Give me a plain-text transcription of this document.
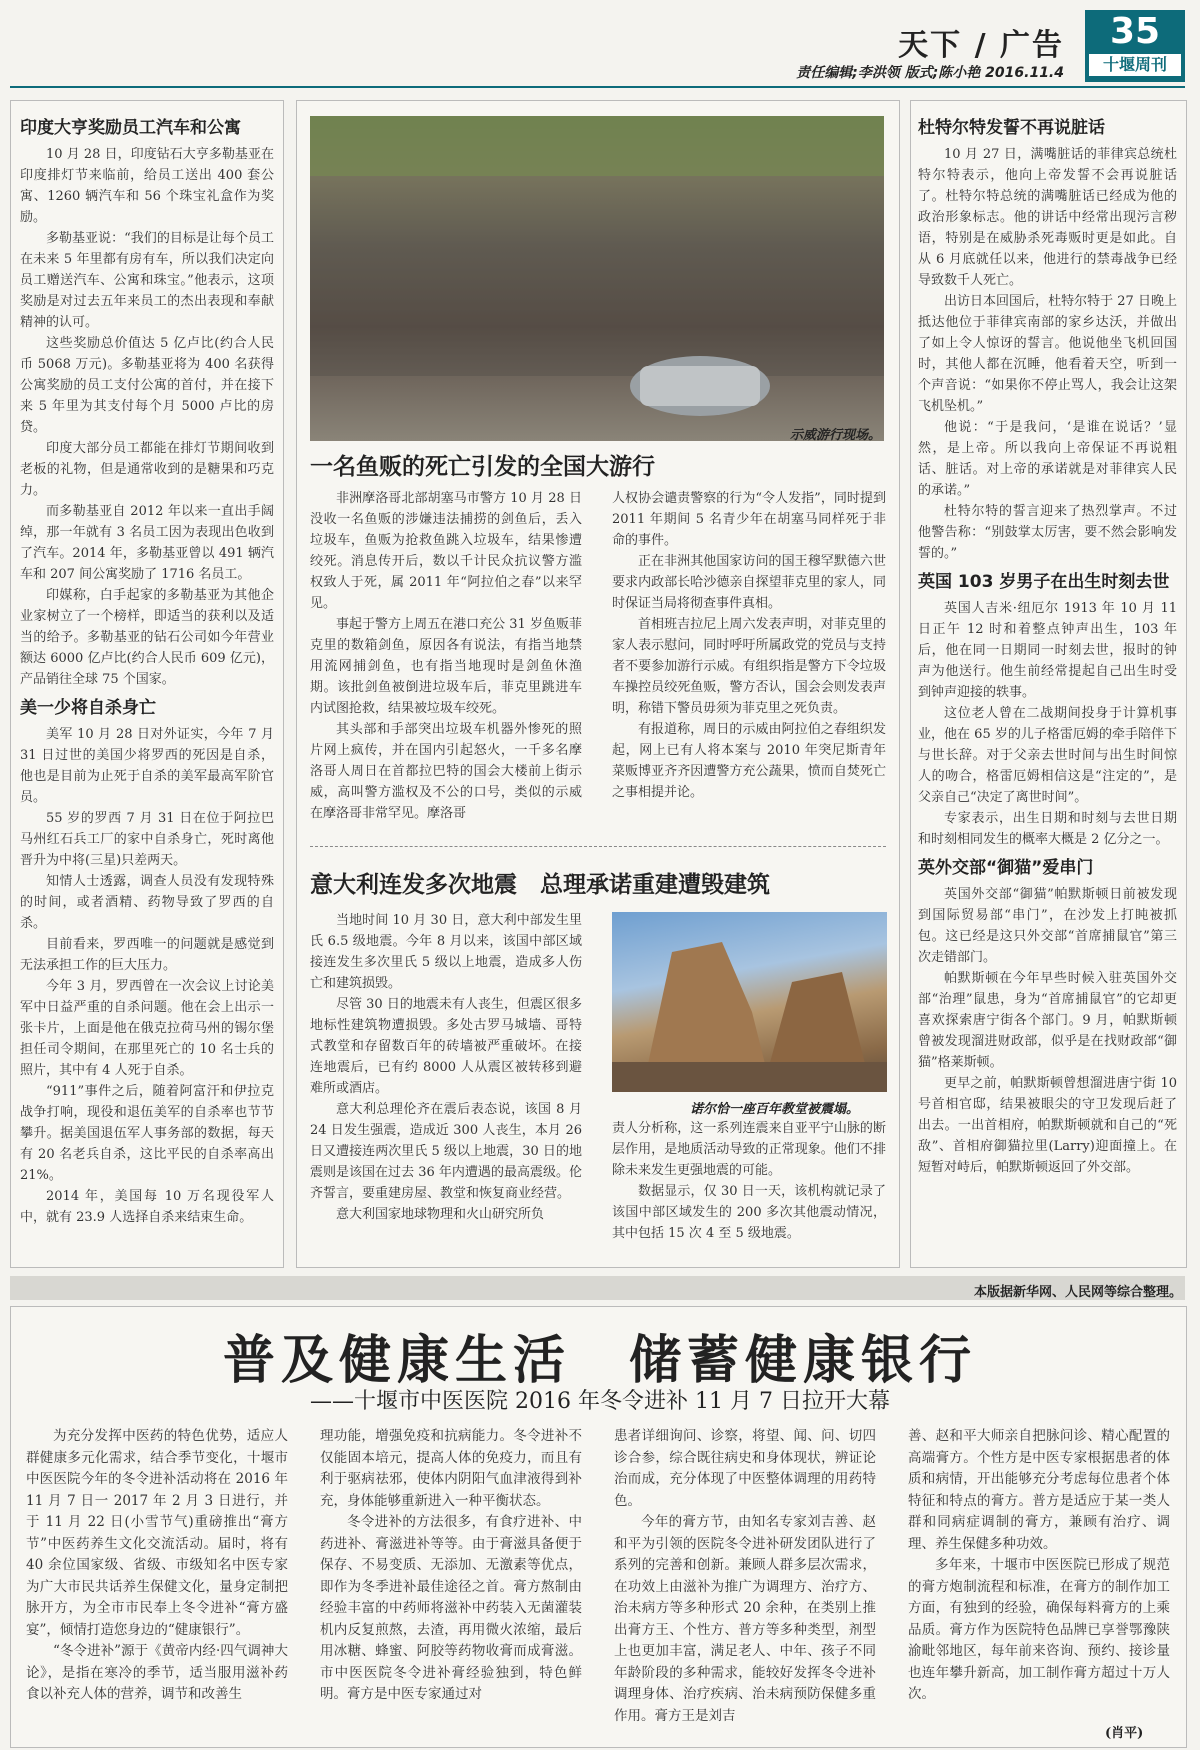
天下 / 广告
责任编辑;李洪领 版式;陈小艳 2016.11.4
35
十堰周刊
印度大亨奖励员工汽车和公寓

10 月 28 日，印度钻石大亨多勒基亚在印度排灯节来临前，给员工送出 400 套公寓、1260 辆汽车和 56 个珠宝礼盒作为奖励。

多勒基亚说：“我们的目标是让每个员工在未来 5 年里都有房有车，所以我们决定向员工赠送汽车、公寓和珠宝。”他表示，这项奖励是对过去五年来员工的杰出表现和奉献精神的认可。

这些奖励总价值达 5 亿卢比(约合人民币 5068 万元)。多勒基亚将为 400 名获得公寓奖励的员工支付公寓的首付，并在接下来 5 年里为其支付每个月 5000 卢比的房贷。

印度大部分员工都能在排灯节期间收到老板的礼物，但是通常收到的是糖果和巧克力。

而多勒基亚自 2012 年以来一直出手阔绰，那一年就有 3 名员工因为表现出色收到了汽车。2014 年，多勒基亚曾以 491 辆汽车和 207 间公寓奖励了 1716 名员工。

印媒称，白手起家的多勒基亚为其他企业家树立了一个榜样，即适当的获利以及适当的给予。多勒基亚的钻石公司如今年营业额达 6000 亿卢比(约合人民币 609 亿元)，产品销往全球 75 个国家。

美一少将自杀身亡

美军 10 月 28 日对外证实，今年 7 月 31 日过世的美国少将罗西的死因是自杀，他也是目前为止死于自杀的美军最高军阶官员。

55 岁的罗西 7 月 31 日在位于阿拉巴马州红石兵工厂的家中自杀身亡，死时离他晋升为中将(三星)只差两天。

知情人士透露，调查人员没有发现特殊的时间，或者酒精、药物导致了罗西的自杀。

目前看来，罗西唯一的问题就是感觉到无法承担工作的巨大压力。

今年 3 月，罗西曾在一次会议上讨论美军中日益严重的自杀问题。他在会上出示一张卡片，上面是他在俄克拉荷马州的锡尔堡担任司令期间，在那里死亡的 10 名士兵的照片，其中有 4 人死于自杀。

“911”事件之后，随着阿富汗和伊拉克战争打响，现役和退伍美军的自杀率也节节攀升。据美国退伍军人事务部的数据，每天有 20 名老兵自杀，这比平民的自杀率高出 21%。

2014 年，美国每 10 万名现役军人中，就有 23.9 人选择自杀来结束生命。

示威游行现场。
一名鱼贩的死亡引发的全国大游行

非洲摩洛哥北部胡塞马市警方 10 月 28 日没收一名鱼贩的涉嫌违法捕捞的剑鱼后，丢入垃圾车，鱼贩为抢救鱼跳入垃圾车，结果惨遭绞死。消息传开后，数以千计民众抗议警方滥权致人于死，属 2011 年“阿拉伯之春”以来罕见。

事起于警方上周五在港口充公 31 岁鱼贩菲克里的数箱剑鱼，原因各有说法，有指当地禁用流网捕剑鱼，也有指当地现时是剑鱼休渔期。该批剑鱼被倒进垃圾车后，菲克里跳进车内试图抢救，结果被垃圾车绞死。

其头部和手部突出垃圾车机器外惨死的照片网上疯传，并在国内引起怒火，一千多名摩洛哥人周日在首都拉巴特的国会大楼前上街示威，高叫警方滥权及不公的口号，类似的示威在摩洛哥非常罕见。摩洛哥

人权协会谴责警察的行为“令人发指”，同时提到 2011 年期间 5 名青少年在胡塞马同样死于非命的事件。

正在非洲其他国家访问的国王穆罕默德六世要求内政部长哈沙德亲自探望菲克里的家人，同时保证当局将彻查事件真相。

首相班吉拉尼上周六发表声明，对菲克里的家人表示慰问，同时呼吁所属政党的党员与支持者不要参加游行示威。有组织指是警方下令垃圾车操控员绞死鱼贩，警方否认，国会会则发表声明，称错下警员毋须为菲克里之死负责。

有报道称，周日的示威由阿拉伯之春组织发起，网上已有人将本案与 2010 年突尼斯青年菜贩博亚齐齐因遭警方充公蔬果，愤而自焚死亡之事相提并论。

意大利连发多次地震　总理承诺重建遭毁建筑

当地时间 10 月 30 日，意大利中部发生里氏 6.5 级地震。今年 8 月以来，该国中部区域接连发生多次里氏 5 级以上地震，造成多人伤亡和建筑损毁。

尽管 30 日的地震未有人丧生，但震区很多地标性建筑物遭损毁。多处古罗马城墙、哥特式教堂和存留数百年的砖墙被严重破坏。在接连地震后，已有约 8000 人从震区被转移到避难所或酒店。

意大利总理伦齐在震后表态说，该国 8 月 24 日发生强震，造成近 300 人丧生，本月 26 日又遭接连两次里氏 5 级以上地震，30 日的地震则是该国在过去 36 年内遭遇的最高震级。伦齐誓言，要重建房屋、教堂和恢复商业经营。

意大利国家地球物理和火山研究所负

诺尔恰一座百年教堂被震塌。

责人分析称，这一系列连震来自亚平宁山脉的断层作用，是地质活动导致的正常现象。他们不排除未来发生更强地震的可能。

数据显示，仅 30 日一天，该机构就记录了该国中部区域发生的 200 多次其他震动情况，其中包括 15 次 4 至 5 级地震。

杜特尔特发誓不再说脏话

10 月 27 日，满嘴脏话的菲律宾总统杜特尔特表示，他向上帝发誓不会再说脏话了。杜特尔特总统的满嘴脏话已经成为他的政治形象标志。他的讲话中经常出现污言秽语，特别是在威胁杀死毒贩时更是如此。自从 6 月底就任以来，他进行的禁毒战争已经导致数千人死亡。

出访日本回国后，杜特尔特于 27 日晚上抵达他位于菲律宾南部的家乡达沃，并做出了如上令人惊讶的誓言。他说他坐飞机回国时，其他人都在沉睡，他看着天空，听到一个声音说：“如果你不停止骂人，我会让这架飞机坠机。”

他说：“于是我问，‘是谁在说话？’显然，是上帝。所以我向上帝保证不再说粗话、脏话。对上帝的承诺就是对菲律宾人民的承诺。”

杜特尔特的誓言迎来了热烈掌声。不过他警告称：“别鼓掌太厉害，要不然会影响发誓的。”

英国 103 岁男子在出生时刻去世

英国人吉米·纽厄尔 1913 年 10 月 11 日正午 12 时和着整点钟声出生，103 年后，他在同一日期同一时刻去世，报时的钟声为他送行。他生前经常提起自己出生时受到钟声迎接的轶事。

这位老人曾在二战期间投身于计算机事业，他在 65 岁的儿子格雷厄姆的牵手陪伴下与世长辞。对于父亲去世时间与出生时间惊人的吻合，格雷厄姆相信这是“注定的”，是父亲自己“决定了离世时间”。

专家表示，出生日期和时刻与去世日期和时刻相同发生的概率大概是 2 亿分之一。

英外交部“御猫”爱串门

英国外交部“御猫”帕默斯顿日前被发现到国际贸易部“串门”，在沙发上打盹被抓包。这已经是这只外交部“首席捕鼠官”第三次走错部门。

帕默斯顿在今年早些时候入驻英国外交部“治理”鼠患，身为“首席捕鼠官”的它却更喜欢探索唐宁街各个部门。9 月，帕默斯顿曾被发现溜进财政部，似乎是在找财政部“御猫”格莱斯顿。

更早之前，帕默斯顿曾想溜进唐宁街 10 号首相官邸，结果被眼尖的守卫发现后赶了出去。一出首相府，帕默斯顿就和自己的“死敌”、首相府御猫拉里(Larry)迎面撞上。在短暂对峙后，帕默斯顿返回了外交部。

本版据新华网、人民网等综合整理。
普及健康生活　储蓄健康银行
——十堰市中医医院 2016 年冬令进补 11 月 7 日拉开大幕

为充分发挥中医药的特色优势，适应人群健康多元化需求，结合季节变化，十堰市中医医院今年的冬令进补活动将在 2016 年 11 月 7 日一 2017 年 2 月 3 日进行，并于 11 月 22 日(小雪节气)重磅推出“膏方节”中医药养生文化交流活动。届时，将有 40 余位国家级、省级、市级知名中医专家为广大市民共话养生保健文化，量身定制把脉开方，为全市市民奉上冬令进补“膏方盛宴”，倾情打造您身边的“健康银行”。

“冬令进补”源于《黄帝内经·四气调神大论》，是指在寒冷的季节，适当服用滋补药食以补充人体的营养，调节和改善生

理功能，增强免疫和抗病能力。冬令进补不仅能固本培元，提高人体的免疫力，而且有利于驱病祛邪，使体内阴阳气血津液得到补充，身体能够重新进入一种平衡状态。

冬令进补的方法很多，有食疗进补、中药进补、膏滋进补等等。由于膏滋具备便于保存、不易变质、无添加、无激素等优点，即作为冬季进补最佳途径之首。膏方熬制由经验丰富的中药师将滋补中药装入无菌灌装机内反复煎熬，去渣，再用微火浓缩，最后用冰糖、蜂蜜、阿胶等药物收膏而成膏滋。市中医医院冬令进补膏经验独到，特色鲜明。膏方是中医专家通过对

患者详细询问、诊察，将望、闻、问、切四诊合参，综合既往病史和身体现状，辨证论治而成，充分体现了中医整体调理的用药特色。

今年的膏方节，由知名专家刘吉善、赵和平为引领的医院冬令进补研发团队进行了系列的完善和创新。兼顾人群多层次需求，在功效上由滋补为推广为调理方、治疗方、治未病方等多种形式 20 余种，在类别上推出膏方王、个性方、普方等多种类型，剂型上也更加丰富，满足老人、中年、孩子不同年龄阶段的多种需求，能较好发挥冬令进补调理身体、治疗疾病、治未病预防保健多重作用。膏方王是刘吉

善、赵和平大师亲自把脉问诊、精心配置的高端膏方。个性方是中医专家根据患者的体质和病情，开出能够充分考虑每位患者个体特征和特点的膏方。普方是适应于某一类人群和同病症调制的膏方，兼顾有治疗、调理、养生保健多种功效。

多年来，十堰市中医医院已形成了规范的膏方炮制流程和标准，在膏方的制作加工方面，有独到的经验，确保每料膏方的上乘品质。膏方作为医院特色品牌已享誉鄂豫陕渝毗邻地区，每年前来咨询、预约、接诊量也连年攀升新高，加工制作膏方超过十万人次。

(肖平)
